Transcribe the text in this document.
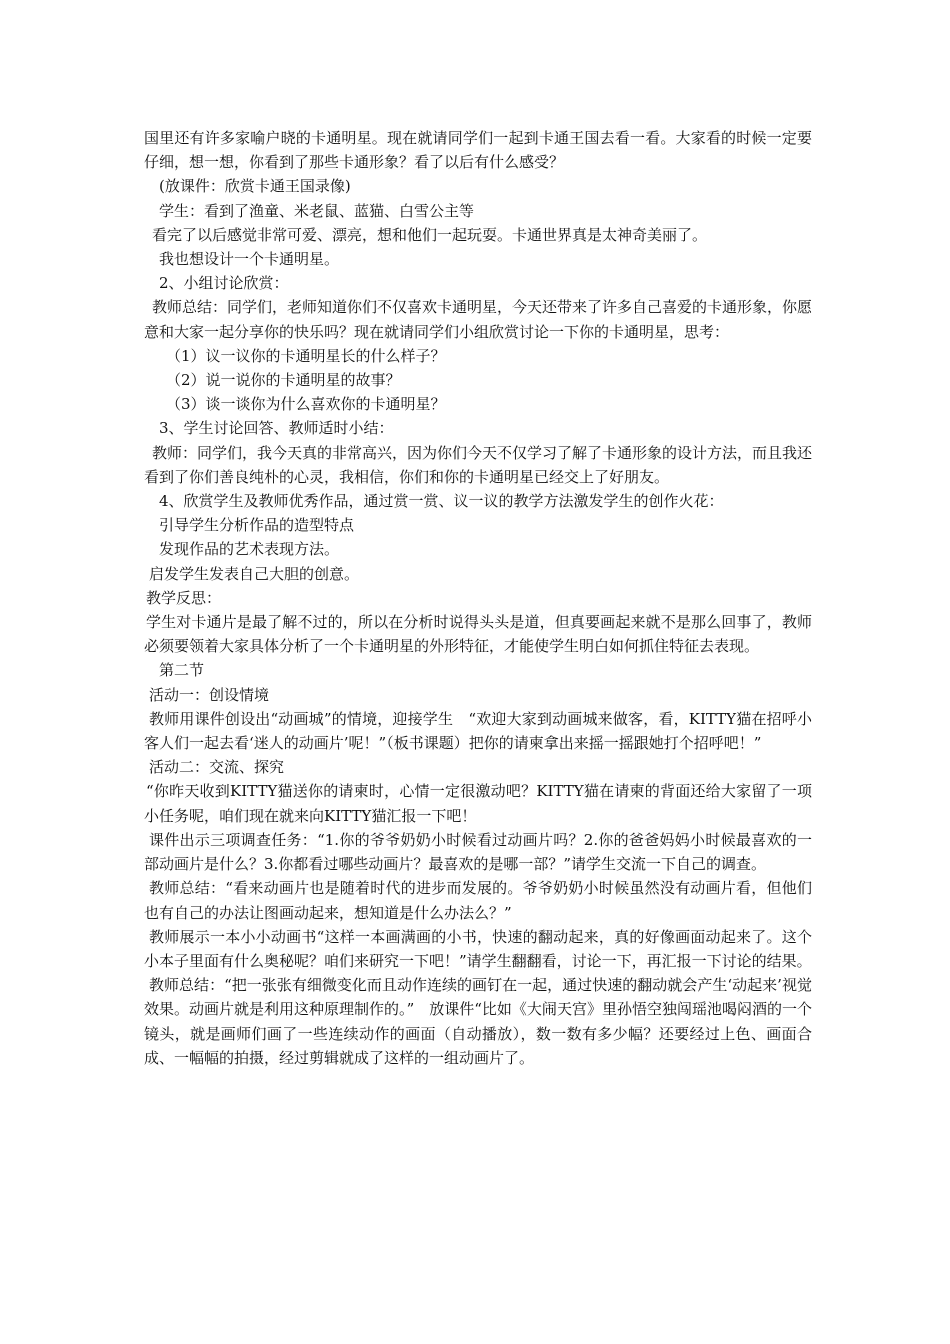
国里还有许多家喻户晓的卡通明星。现在就请同学们一起到卡通王国去看一看。大家看的时候一定要仔细，想一想，你看到了那些卡通形象？看了以后有什么感受？

(放课件：欣赏卡通王国录像)

学生：看到了渔童、米老鼠、蓝猫、白雪公主等

看完了以后感觉非常可爱、漂亮，想和他们一起玩耍。卡通世界真是太神奇美丽了。

我也想设计一个卡通明星。

2、小组讨论欣赏：

教师总结：同学们，老师知道你们不仅喜欢卡通明星，今天还带来了许多自己喜爱的卡通形象，你愿意和大家一起分享你的快乐吗？现在就请同学们小组欣赏讨论一下你的卡通明星，思考：

（1）议一议你的卡通明星长的什么样子？

（2）说一说你的卡通明星的故事？

（3）谈一谈你为什么喜欢你的卡通明星？

3、学生讨论回答、教师适时小结：

教师：同学们，我今天真的非常高兴，因为你们今天不仅学习了解了卡通形象的设计方法，而且我还看到了你们善良纯朴的心灵，我相信，你们和你的卡通明星已经交上了好朋友。

4、欣赏学生及教师优秀作品，通过赏一赏、议一议的教学方法激发学生的创作火花：

引导学生分析作品的造型特点

发现作品的艺术表现方法。

启发学生发表自己大胆的创意。

教学反思：

学生对卡通片是最了解不过的，所以在分析时说得头头是道，但真要画起来就不是那么回事了，教师必须要领着大家具体分析了一个卡通明星的外形特征，才能使学生明白如何抓住特征去表现。

第二节

活动一：创设情境

教师用课件创设出“动画城”的情境，迎接学生　“欢迎大家到动画城来做客，看，KITTY猫在招呼小客人们一起去看‘迷人的动画片’呢！”（板书课题）把你的请柬拿出来摇一摇跟她打个招呼吧！”

活动二：交流、探究

“你昨天收到KITTY猫送你的请柬时，心情一定很激动吧？KITTY猫在请柬的背面还给大家留了一项小任务呢，咱们现在就来向KITTY猫汇报一下吧！

课件出示三项调查任务：“1.你的爷爷奶奶小时候看过动画片吗？2.你的爸爸妈妈小时候最喜欢的一部动画片是什么？3.你都看过哪些动画片？最喜欢的是哪一部？”请学生交流一下自己的调查。

教师总结：“看来动画片也是随着时代的进步而发展的。爷爷奶奶小时候虽然没有动画片看，但他们也有自己的办法让图画动起来，想知道是什么办法么？”

教师展示一本小小动画书“这样一本画满画的小书，快速的翻动起来，真的好像画面动起来了。这个小本子里面有什么奥秘呢？咱们来研究一下吧！”请学生翻翻看，讨论一下，再汇报一下讨论的结果。

教师总结：“把一张张有细微变化而且动作连续的画钉在一起，通过快速的翻动就会产生‘动起来’视觉效果。动画片就是利用这种原理制作的。”　放课件“比如《大闹天宫》里孙悟空独闯瑶池喝闷酒的一个镜头，就是画师们画了一些连续动作的画面（自动播放），数一数有多少幅？还要经过上色、画面合成、一幅幅的拍摄，经过剪辑就成了这样的一组动画片了。
